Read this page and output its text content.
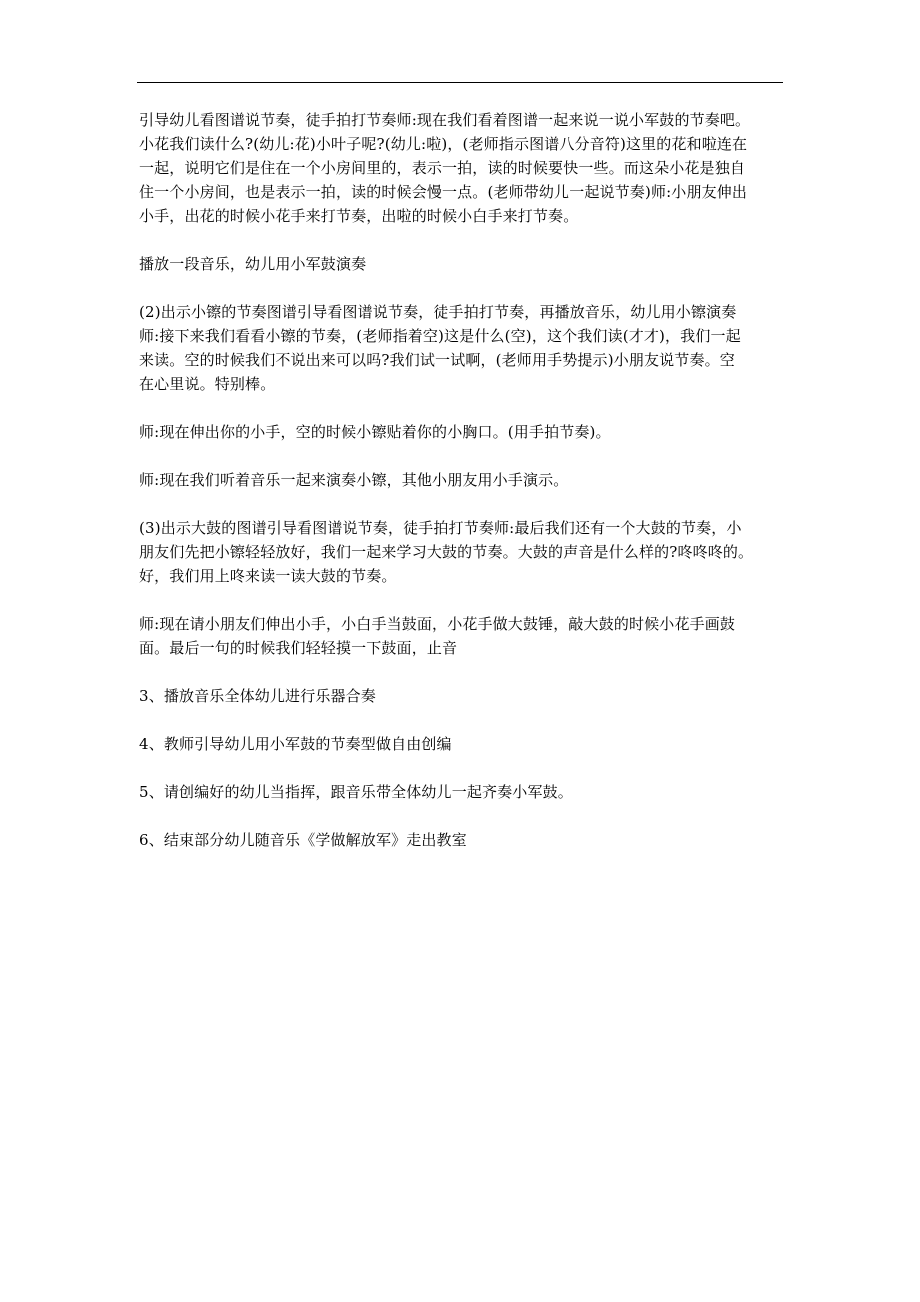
引导幼儿看图谱说节奏，徒手拍打节奏师:现在我们看着图谱一起来说一说小军鼓的节奏吧。
小花我们读什么?(幼儿:花)小叶子呢?(幼儿:啦)，(老师指示图谱八分音符)这里的花和啦连在
一起，说明它们是住在一个小房间里的，表示一拍，读的时候要快一些。而这朵小花是独自
住一个小房间，也是表示一拍，读的时候会慢一点。(老师带幼儿一起说节奏)师:小朋友伸出
小手，出花的时候小花手来打节奏，出啦的时候小白手来打节奏。

播放一段音乐，幼儿用小军鼓演奏

(2)出示小镲的节奏图谱引导看图谱说节奏，徒手拍打节奏，再播放音乐，幼儿用小镲演奏
师:接下来我们看看小镲的节奏，(老师指着空)这是什么(空)，这个我们读(才才)，我们一起
来读。空的时候我们不说出来可以吗?我们试一试啊，(老师用手势提示)小朋友说节奏。空
在心里说。特别棒。

师:现在伸出你的小手，空的时候小镲贴着你的小胸口。(用手拍节奏)。

师:现在我们听着音乐一起来演奏小镲，其他小朋友用小手演示。

(3)出示大鼓的图谱引导看图谱说节奏，徒手拍打节奏师:最后我们还有一个大鼓的节奏，小
朋友们先把小镲轻轻放好，我们一起来学习大鼓的节奏。大鼓的声音是什么样的?咚咚咚的。
好，我们用上咚来读一读大鼓的节奏。

师:现在请小朋友们伸出小手，小白手当鼓面，小花手做大鼓锤，敲大鼓的时候小花手画鼓
面。最后一句的时候我们轻轻摸一下鼓面，止音

3、播放音乐全体幼儿进行乐器合奏

4、教师引导幼儿用小军鼓的节奏型做自由创编

5、请创编好的幼儿当指挥，跟音乐带全体幼儿一起齐奏小军鼓。

6、结束部分幼儿随音乐《学做解放军》走出教室
